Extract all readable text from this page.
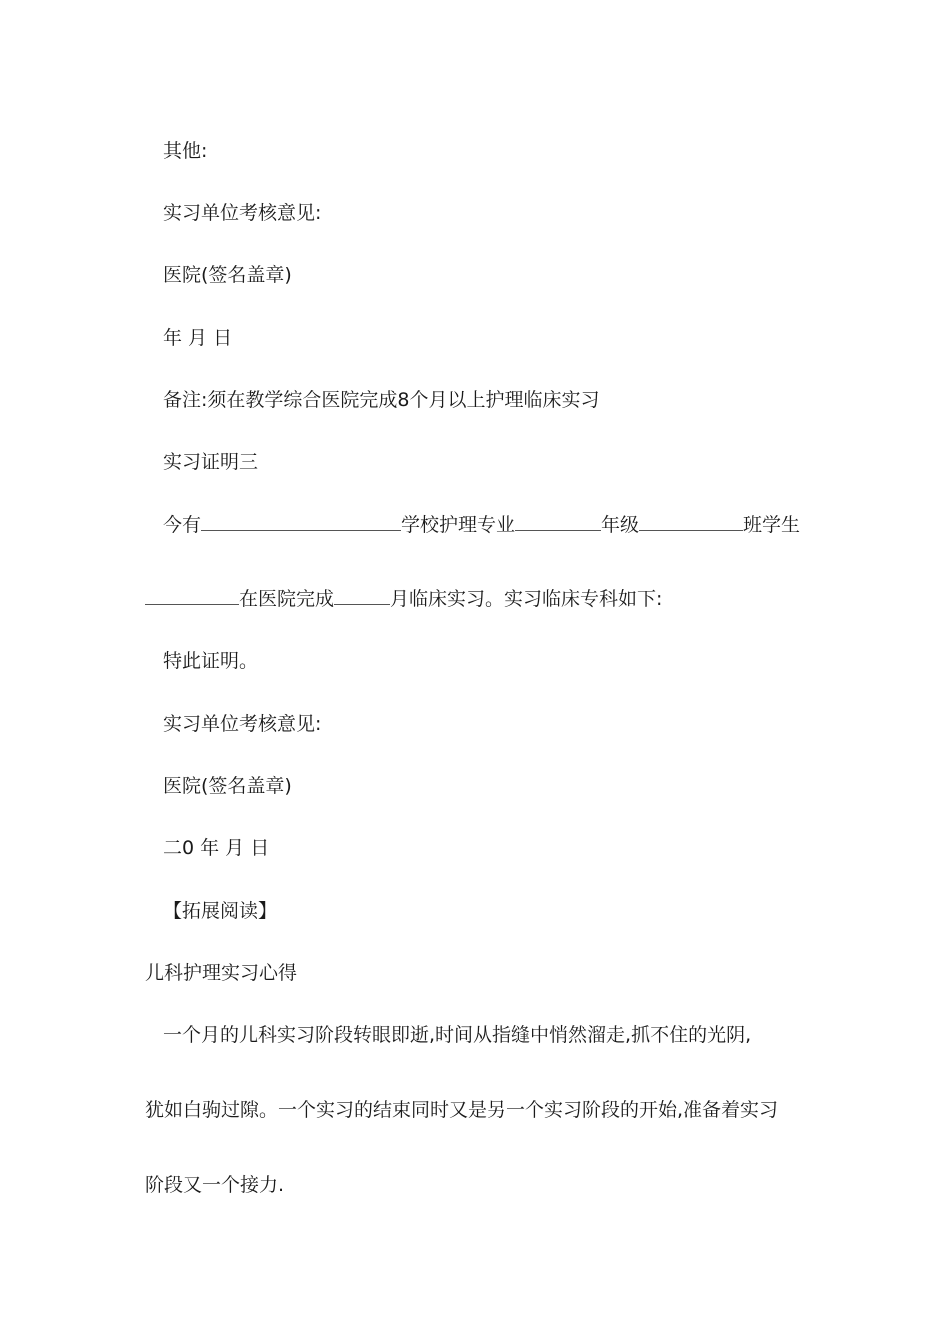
其他:
实习单位考核意见:
医院(签名盖章)
年 月 日
备注:须在教学综合医院完成8个月以上护理临床实习
实习证明三
今有	学校护理专业	年级	班学生
在医院完成	月临床实习。实习临床专科如下:
特此证明。
实习单位考核意见:
医院(签名盖章)
二0 年 月 日
【拓展阅读】
儿科护理实习心得
一个月的儿科实习阶段转眼即逝,时间从指缝中悄然溜走,抓不住的光阴,
犹如白驹过隙。一个实习的结束同时又是另一个实习阶段的开始,准备着实习
阶段又一个接力.
